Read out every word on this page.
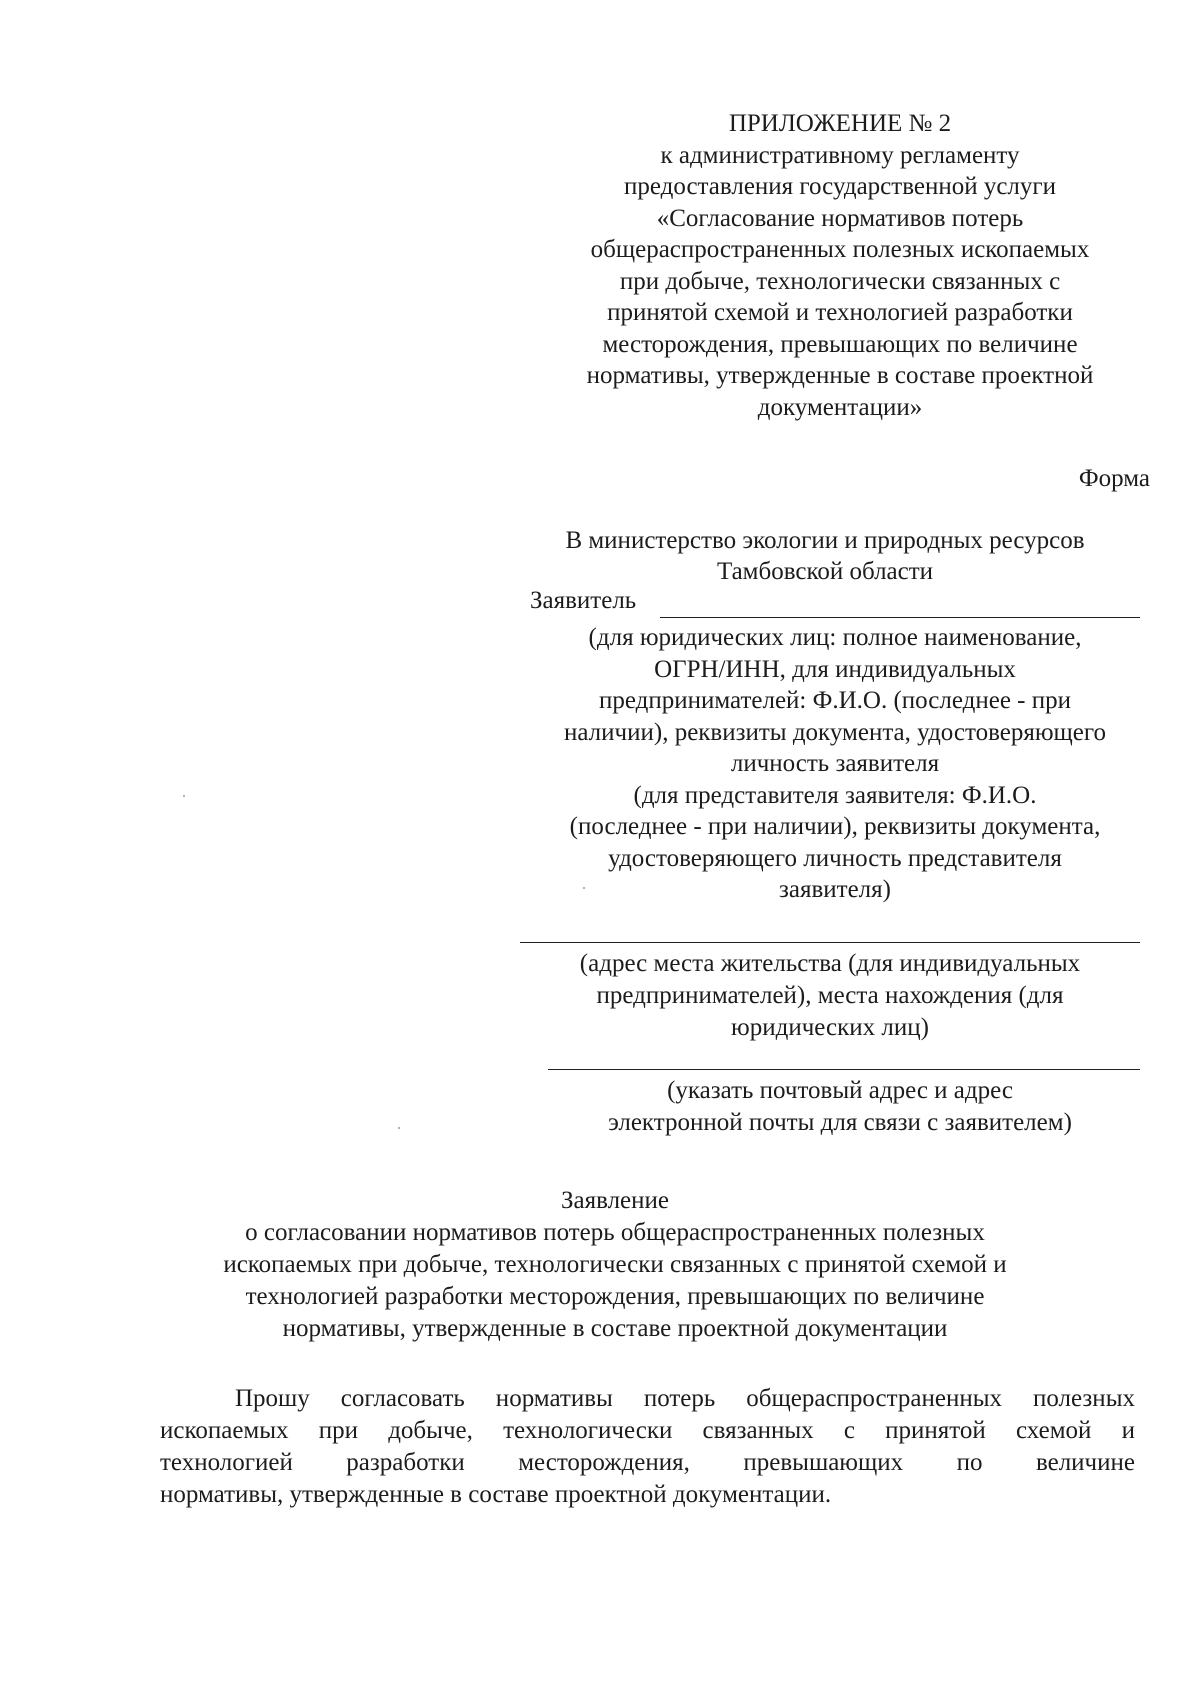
ПРИЛОЖЕНИЕ № 2
к административному регламенту
предоставления государственной услуги
«Согласование нормативов потерь
общераспространенных полезных ископаемых
при добыче, технологически связанных с
принятой схемой и технологией разработки
месторождения, превышающих по величине
нормативы, утвержденные в составе проектной
документации»
Форма
В министерство экологии и природных ресурсов
Тамбовской области
Заявитель
(для юридических лиц: полное наименование,
ОГРН/ИНН, для индивидуальных
предпринимателей: Ф.И.О. (последнее - при
наличии), реквизиты документа, удостоверяющего
личность заявителя
(для представителя заявителя: Ф.И.О.
(последнее - при наличии), реквизиты документа,
удостоверяющего личность представителя
заявителя)
(адрес места жительства (для индивидуальных
предпринимателей), места нахождения (для
юридических лиц)
(указать почтовый адрес и адрес
электронной почты для связи с заявителем)
Заявление
о согласовании нормативов потерь общераспространенных полезных
ископаемых при добыче, технологически связанных с принятой схемой и
технологией разработки месторождения, превышающих по величине
нормативы, утвержденные в составе проектной документации
Прошу согласовать нормативы потерь общераспространенных полезных
ископаемых при добыче, технологически связанных с принятой схемой и
технологией разработки месторождения, превышающих по величине
нормативы, утвержденные в составе проектной документации.
